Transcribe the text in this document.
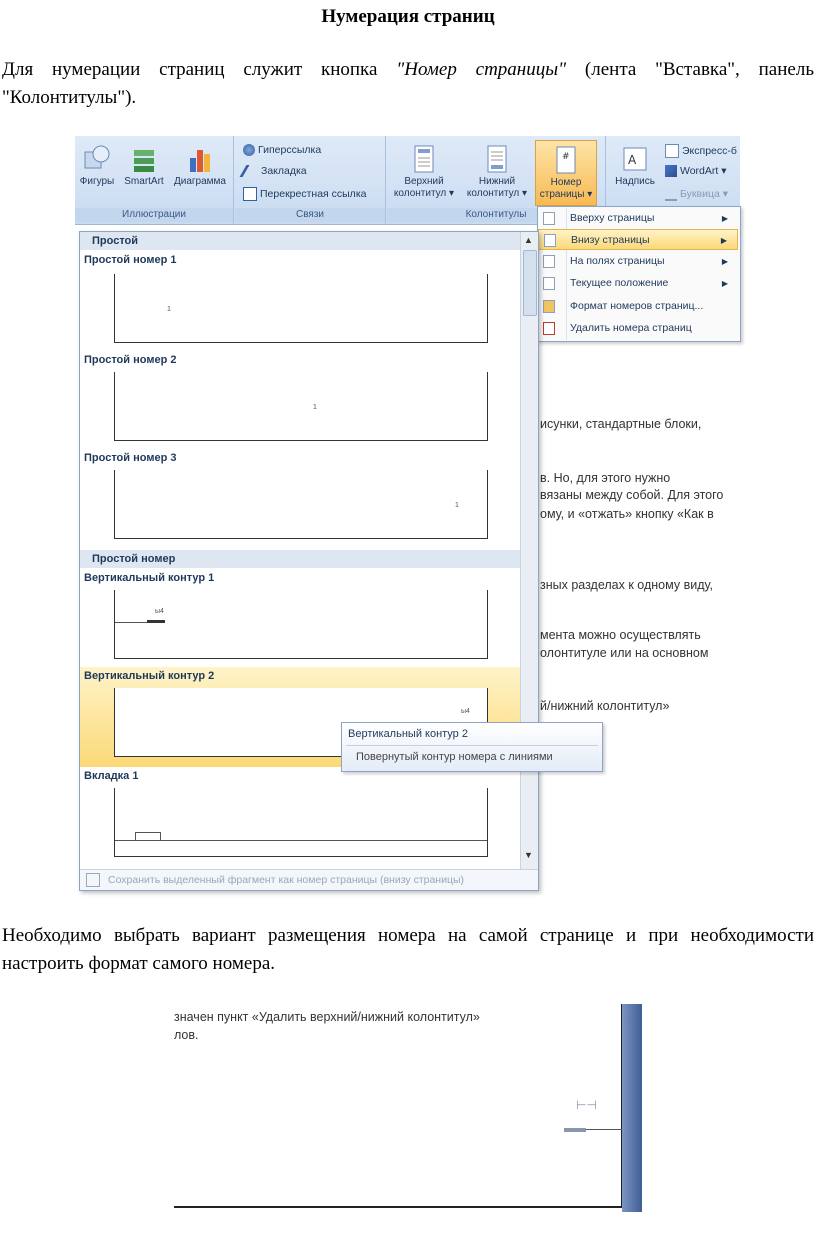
Нумерация страниц
Для нумерации страниц служит кнопка "Номер страницы" (лента "Вставка", панель "Колонтитулы").
исунки, стандартные блоки,
в. Но, для этого нужно
вязаны между собой. Для этого
ому, и «отжать» кнопку «Как в
зных разделах к одному виду,
мента можно осуществлять
олонтитуле или на основном
й/нижний колонтитул»
Фигуры	SmartArt	Диаграмма
Иллюстрации
Гиперссылка
Закладка
Перекрестная ссылка
Связи
Верхний
колонтитул ▾
Нижний
колонтитул ▾
#
Номер
страницы ▾
Колонтитулы
A
Надпись
Экспресс-б
WordArt ▾
Буквица ▾
Вверху страницы	▶
Внизу страницы	▶
На полях страницы	▶
Текущее положение	▶
Формат номеров страниц...
Удалить номера страниц
Простой
Простой номер 1
1
Простой номер 2
1
Простой номер 3
1
Простой номер
Вертикальный контур 1
ы4
Вертикальный контур 2
ы4
Вкладка 1
▲
▼
Сохранить выделенный фрагмент как номер страницы (внизу страницы)
Вертикальный контур 2
Повернутый контур номера с линиями
Необходимо выбрать вариант размещения номера на самой странице и при необходимости настроить формат самого номера.
значен пункт «Удалить верхний/нижний колонтитул»
лов.
⊢⊣
